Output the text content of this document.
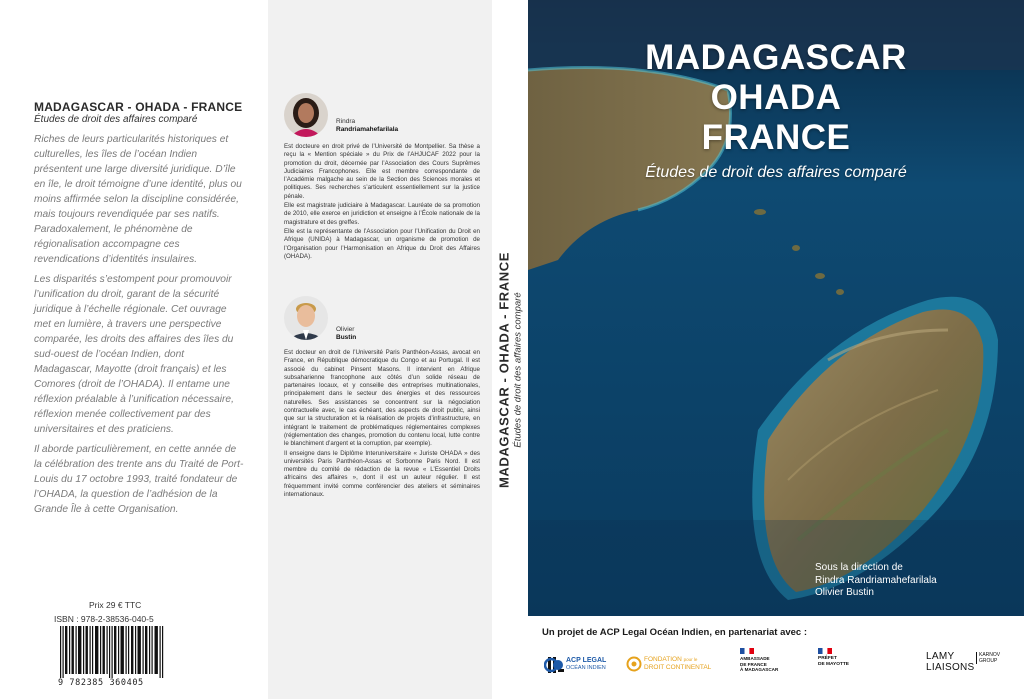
MADAGASCAR - OHADA - FRANCE
Études de droit des affaires comparé

Riches de leurs particularités historiques et culturelles, les îles de l’océan Indien présentent une large diversité juridique. D’île en île, le droit témoigne d’une identité, plus ou moins affirmée selon la discipline considérée, mais toujours revendiquée par ses natifs. Paradoxalement, le phénomène de régionalisation accompagne ces revendications d’identités insulaires.

Les disparités s’estompent pour promouvoir l’unification du droit, garant de la sécurité juridique à l’échelle régionale. Cet ouvrage met en lumière, à travers une perspective comparée, les droits des affaires des îles du sud-ouest de l’océan Indien, dont Madagascar, Mayotte (droit français) et les Comores (droit de l’OHADA). Il entame une réflexion préalable à l’unification nécessaire, réflexion menée collectivement par des universitaires et des praticiens.

Il aborde particulièrement, en cette année de la célébration des trente ans du Traité de Port-Louis du 17 octobre 1993, traité fondateur de l’OHADA, la question de l’adhésion de la Grande Île à cette Organisation.

Prix 29 € TTC
ISBN : 978-2-38536-040-5
9 782385 360405
Rindra
Randriamahefarilala

Est docteure en droit privé de l’Université de Montpellier. Sa thèse a reçu la « Mention spéciale » du Prix de l’AHJUCAF 2022 pour la promotion du droit, décernée par l’Association des Cours Suprêmes Judiciaires Francophones. Elle est membre correspondante de l’Académie malgache au sein de la Section des Sciences morales et politiques. Ses recherches s’articulent essentiellement sur la justice pénale.

Elle est magistrate judiciaire à Madagascar. Lauréate de sa promotion de 2010, elle exerce en juridiction et enseigne à l’École nationale de la magistrature et des greffes.

Elle est la représentante de l’Association pour l’Unification du Droit en Afrique (UNIDA) à Madagascar, un organisme de promotion de l’Organisation pour l’Harmonisation en Afrique du Droit des Affaires (OHADA).

Olivier
Bustin

Est docteur en droit de l’Université Paris Panthéon-Assas, avocat en France, en République démocratique du Congo et au Portugal. Il est associé du cabinet Pinsent Masons. Il intervient en Afrique subsaharienne francophone aux côtés d’un solide réseau de partenaires locaux, et y conseille des entreprises multinationales, principalement dans le secteur des énergies et des ressources naturelles. Ses assistances se concentrent sur la négociation contractuelle avec, le cas échéant, des aspects de droit public, ainsi que sur la structuration et la réalisation de projets d’infrastructure, en intégrant le traitement de problématiques réglementaires complexes (réglementation des changes, promotion du contenu local, lutte contre le blanchiment d’argent et la corruption, par exemple).

Il enseigne dans le Diplôme Interuniversitaire « Juriste OHADA » des universités Paris Panthéon-Assas et Sorbonne Paris Nord. Il est membre du comité de rédaction de la revue « L’Essentiel Droits africains des affaires », dont il est un auteur régulier. Il est fréquemment invité comme conférencier des ateliers et séminaires internationaux.

MADAGASCAR - OHADA - FRANCE Études de droit des affaires comparé
MADAGASCAR
OHADA
FRANCE
Études de droit des affaires comparé
Sous la direction de
Rindra Randriamahefarilala
Olivier Bustin
Un projet de ACP Legal Océan Indien, en partenariat avec :
ACP LEGAL
OCÉAN INDIEN
FONDATION pour le
DROIT CONTINENTAL
AMBASSADE
DE FRANCE
À MADAGASCAR
PRÉFET
DE MAYOTTE
LAMY
LIAISONS
KARNOV
GROUP
